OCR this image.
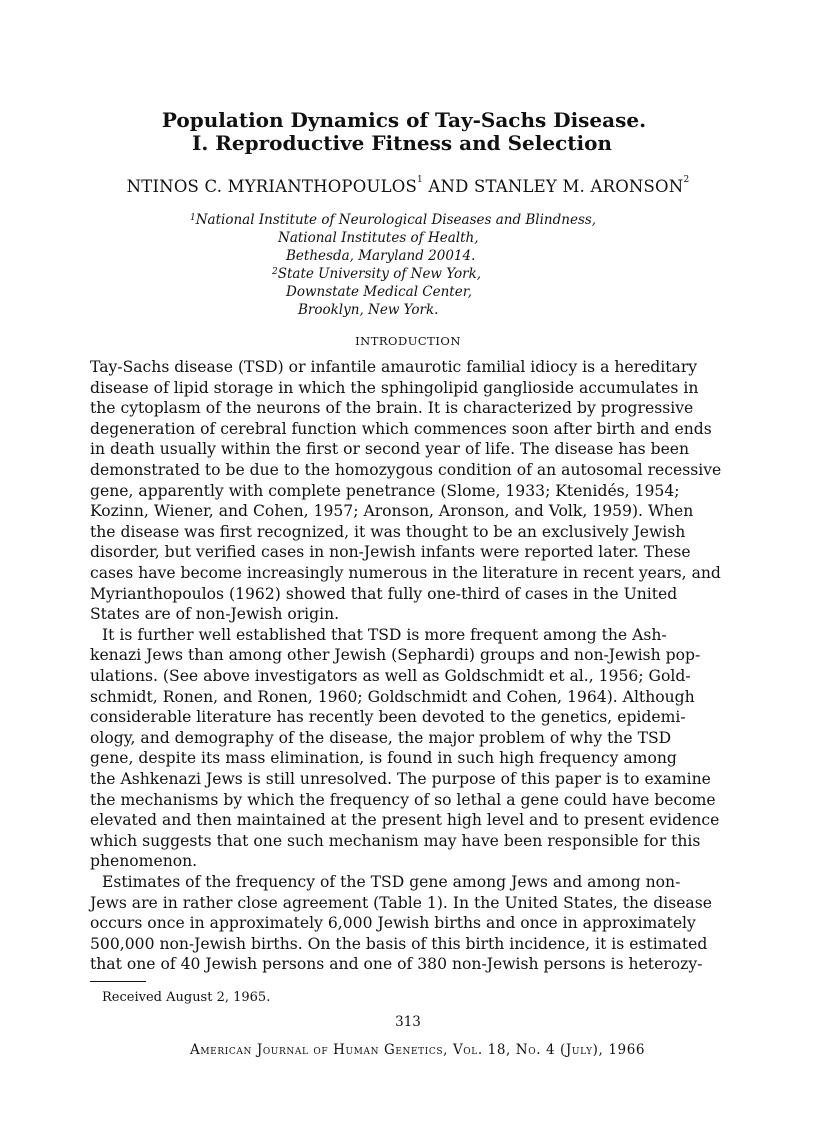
Population Dynamics of Tay-Sachs Disease.
I. Reproductive Fitness and Selection
NTINOS C. MYRIANTHOPOULOS$^1$ AND STANLEY M. ARONSON$^2$
$^1$National Institute of Neurological Diseases and Blindness,
National Institutes of Health,
Bethesda, Maryland 20014.
$^2$State University of New York,
Downstate Medical Center,
Brooklyn, New York.
INTRODUCTION
Tay-Sachs disease (TSD) or infantile amaurotic familial idiocy is a hereditary
disease of lipid storage in which the sphingolipid ganglioside accumulates in
the cytoplasm of the neurons of the brain. It is characterized by progressive
degeneration of cerebral function which commences soon after birth and ends
in death usually within the first or second year of life. The disease has been
demonstrated to be due to the homozygous condition of an autosomal recessive
gene, apparently with complete penetrance (Slome, 1933; Ktenidés, 1954;
Kozinn, Wiener, and Cohen, 1957; Aronson, Aronson, and Volk, 1959). When
the disease was first recognized, it was thought to be an exclusively Jewish
disorder, but verified cases in non-Jewish infants were reported later. These
cases have become increasingly numerous in the literature in recent years, and
Myrianthopoulos (1962) showed that fully one-third of cases in the United
States are of non-Jewish origin.
It is further well established that TSD is more frequent among the Ash-
kenazi Jews than among other Jewish (Sephardi) groups and non-Jewish pop-
ulations. (See above investigators as well as Goldschmidt et al., 1956; Gold-
schmidt, Ronen, and Ronen, 1960; Goldschmidt and Cohen, 1964). Although
considerable literature has recently been devoted to the genetics, epidemi-
ology, and demography of the disease, the major problem of why the TSD
gene, despite its mass elimination, is found in such high frequency among
the Ashkenazi Jews is still unresolved. The purpose of this paper is to examine
the mechanisms by which the frequency of so lethal a gene could have become
elevated and then maintained at the present high level and to present evidence
which suggests that one such mechanism may have been responsible for this
phenomenon.
Estimates of the frequency of the TSD gene among Jews and among non-
Jews are in rather close agreement (Table 1). In the United States, the disease
occurs once in approximately 6,000 Jewish births and once in approximately
500,000 non-Jewish births. On the basis of this birth incidence, it is estimated
that one of 40 Jewish persons and one of 380 non-Jewish persons is heterozy-
Received August 2, 1965.
313
American Journal of Human Genetics, Vol. 18, No. 4 (July), 1966
